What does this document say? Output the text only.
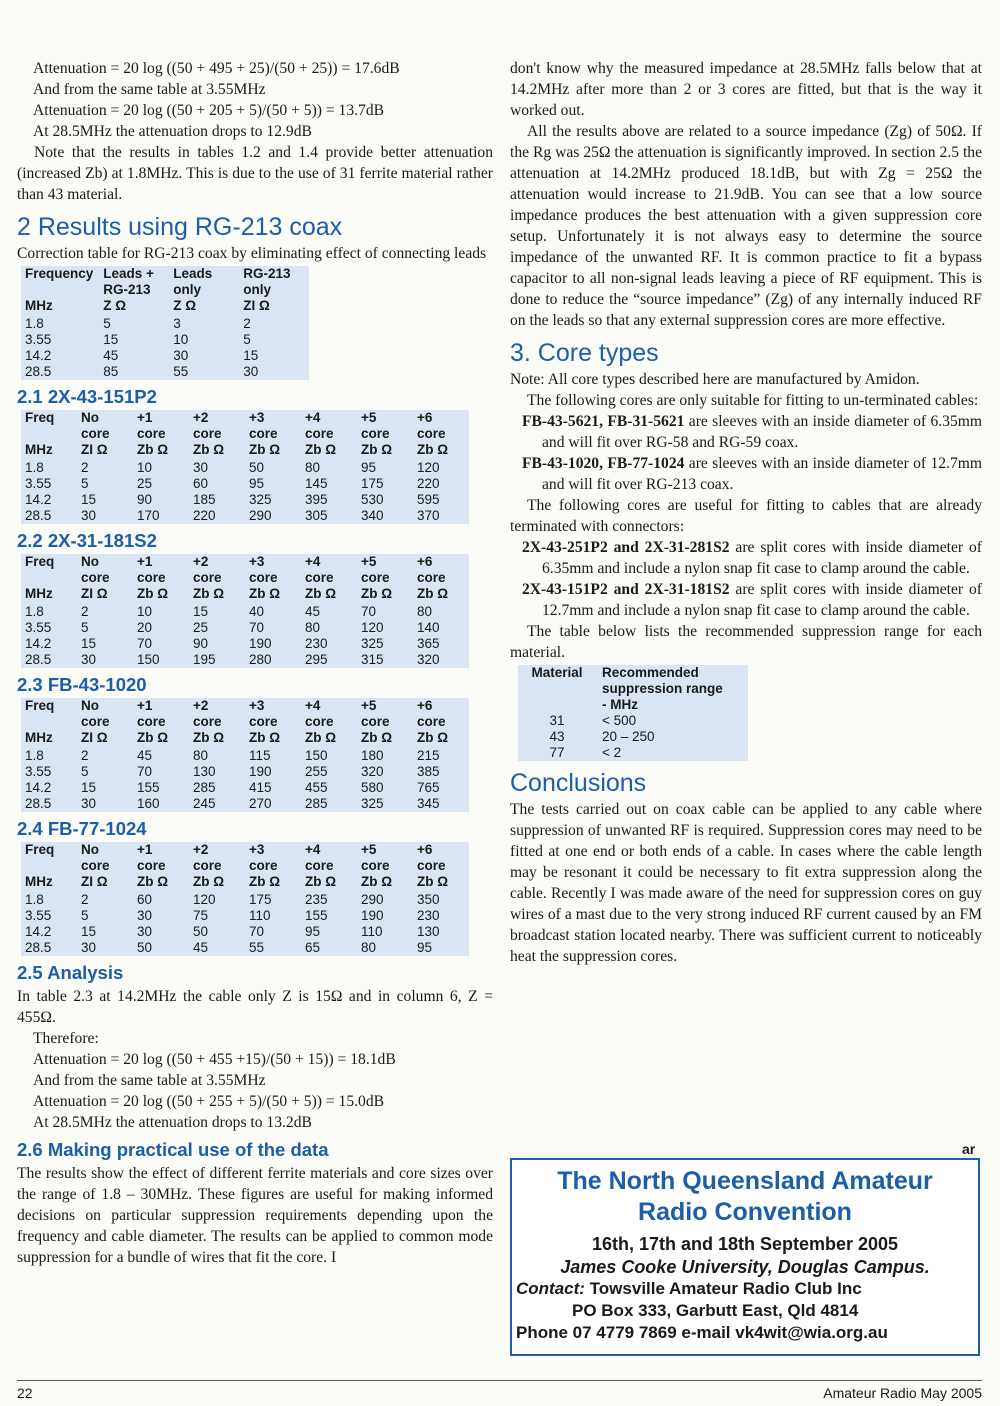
Attenuation = 20 log ((50 + 495 + 25)/(50 + 25)) = 17.6dB

And from the same table at 3.55MHz

Attenuation = 20 log ((50 + 205 + 5)/(50 + 5)) = 13.7dB

At 28.5MHz the attenuation drops to 12.9dB

Note that the results in tables 1.2 and 1.4 provide better attenuation (increased Zb) at 1.8MHz. This is due to the use of 31 ferrite material rather than 43 material.

2 Results using RG-213 coax

Correction table for RG-213 coax by eliminating effect of connecting leads

Frequency	Leads +	Leads	RG-213
	RG-213	only	only
MHz	Z Ω	Z Ω	ZI Ω
1.8	5	3	2
3.55	15	10	5
14.2	45	30	15
28.5	85	55	30
2.1 2X-43-151P2
Freq	No	+1	+2	+3	+4	+5	+6
	core	core	core	core	core	core	core
MHz	ZI Ω	Zb Ω	Zb Ω	Zb Ω	Zb Ω	Zb Ω	Zb Ω
1.8	2	10	30	50	80	95	120
3.55	5	25	60	95	145	175	220
14.2	15	90	185	325	395	530	595
28.5	30	170	220	290	305	340	370
2.2 2X-31-181S2
Freq	No	+1	+2	+3	+4	+5	+6
	core	core	core	core	core	core	core
MHz	ZI Ω	Zb Ω	Zb Ω	Zb Ω	Zb Ω	Zb Ω	Zb Ω
1.8	2	10	15	40	45	70	80
3.55	5	20	25	70	80	120	140
14.2	15	70	90	190	230	325	365
28.5	30	150	195	280	295	315	320
2.3 FB-43-1020
Freq	No	+1	+2	+3	+4	+5	+6
	core	core	core	core	core	core	core
MHz	ZI Ω	Zb Ω	Zb Ω	Zb Ω	Zb Ω	Zb Ω	Zb Ω
1.8	2	45	80	115	150	180	215
3.55	5	70	130	190	255	320	385
14.2	15	155	285	415	455	580	765
28.5	30	160	245	270	285	325	345
2.4 FB-77-1024
Freq	No	+1	+2	+3	+4	+5	+6
	core	core	core	core	core	core	core
MHz	ZI Ω	Zb Ω	Zb Ω	Zb Ω	Zb Ω	Zb Ω	Zb Ω
1.8	2	60	120	175	235	290	350
3.55	5	30	75	110	155	190	230
14.2	15	30	50	70	95	110	130
28.5	30	50	45	55	65	80	95
2.5 Analysis

In table 2.3 at 14.2MHz the cable only Z is 15Ω and in column 6, Z = 455Ω.

Therefore:

Attenuation = 20 log ((50 + 455 +15)/(50 + 15)) = 18.1dB

And from the same table at 3.55MHz

Attenuation = 20 log ((50 + 255 + 5)/(50 + 5)) = 15.0dB

At 28.5MHz the attenuation drops to 13.2dB

2.6 Making practical use of the data

The results show the effect of different ferrite materials and core sizes over the range of 1.8 – 30MHz. These figures are useful for making informed decisions on particular suppression requirements depending upon the frequency and cable diameter. The results can be applied to common mode suppression for a bundle of wires that fit the core. I

don't know why the measured impedance at 28.5MHz falls below that at 14.2MHz after more than 2 or 3 cores are fitted, but that is the way it worked out.

All the results above are related to a source impedance (Zg) of 50Ω. If the Rg was 25Ω the attenuation is significantly improved. In section 2.5 the attenuation at 14.2MHz produced 18.1dB, but with Zg = 25Ω the attenuation would increase to 21.9dB. You can see that a low source impedance produces the best attenuation with a given suppression core setup. Unfortunately it is not always easy to determine the source impedance of the unwanted RF. It is common practice to fit a bypass capacitor to all non-signal leads leaving a piece of RF equipment. This is done to reduce the “source impedance” (Zg) of any internally induced RF on the leads so that any external suppression cores are more effective.

3. Core types

Note: All core types described here are manufactured by Amidon.

The following cores are only suitable for fitting to un-terminated cables:

FB-43-5621, FB-31-5621 are sleeves with an inside diameter of 6.35mm and will fit over RG-58 and RG-59 coax.

FB-43-1020, FB-77-1024 are sleeves with an inside diameter of 12.7mm and will fit over RG-213 coax.

The following cores are useful for fitting to cables that are already terminated with connectors:

2X-43-251P2 and 2X-31-281S2 are split cores with inside diameter of 6.35mm and include a nylon snap fit case to clamp around the cable.

2X-43-151P2 and 2X-31-181S2 are split cores with inside diameter of 12.7mm and include a nylon snap fit case to clamp around the cable.

The table below lists the recommended suppression range for each material.

Material	Recommended
	suppression range
	- MHz
31	< 500
43	20 – 250
77	< 2
Conclusions

The tests carried out on coax cable can be applied to any cable where suppression of unwanted RF is required. Suppression cores may need to be fitted at one end or both ends of a cable. In cases where the cable length may be resonant it could be necessary to fit extra suppression along the cable. Recently I was made aware of the need for suppression cores on guy wires of a mast due to the very strong induced RF current caused by an FM broadcast station located nearby. There was sufficient current to noticeably heat the suppression cores.

ar
The North Queensland Amateur
Radio Convention
16th, 17th and 18th September 2005
James Cooke University, Douglas Campus.
Contact: Towsville Amateur Radio Club Inc
PO Box 333, Garbutt East, Qld 4814
Phone 07 4779 7869 e-mail vk4wit@wia.org.au
22	Amateur Radio May 2005
